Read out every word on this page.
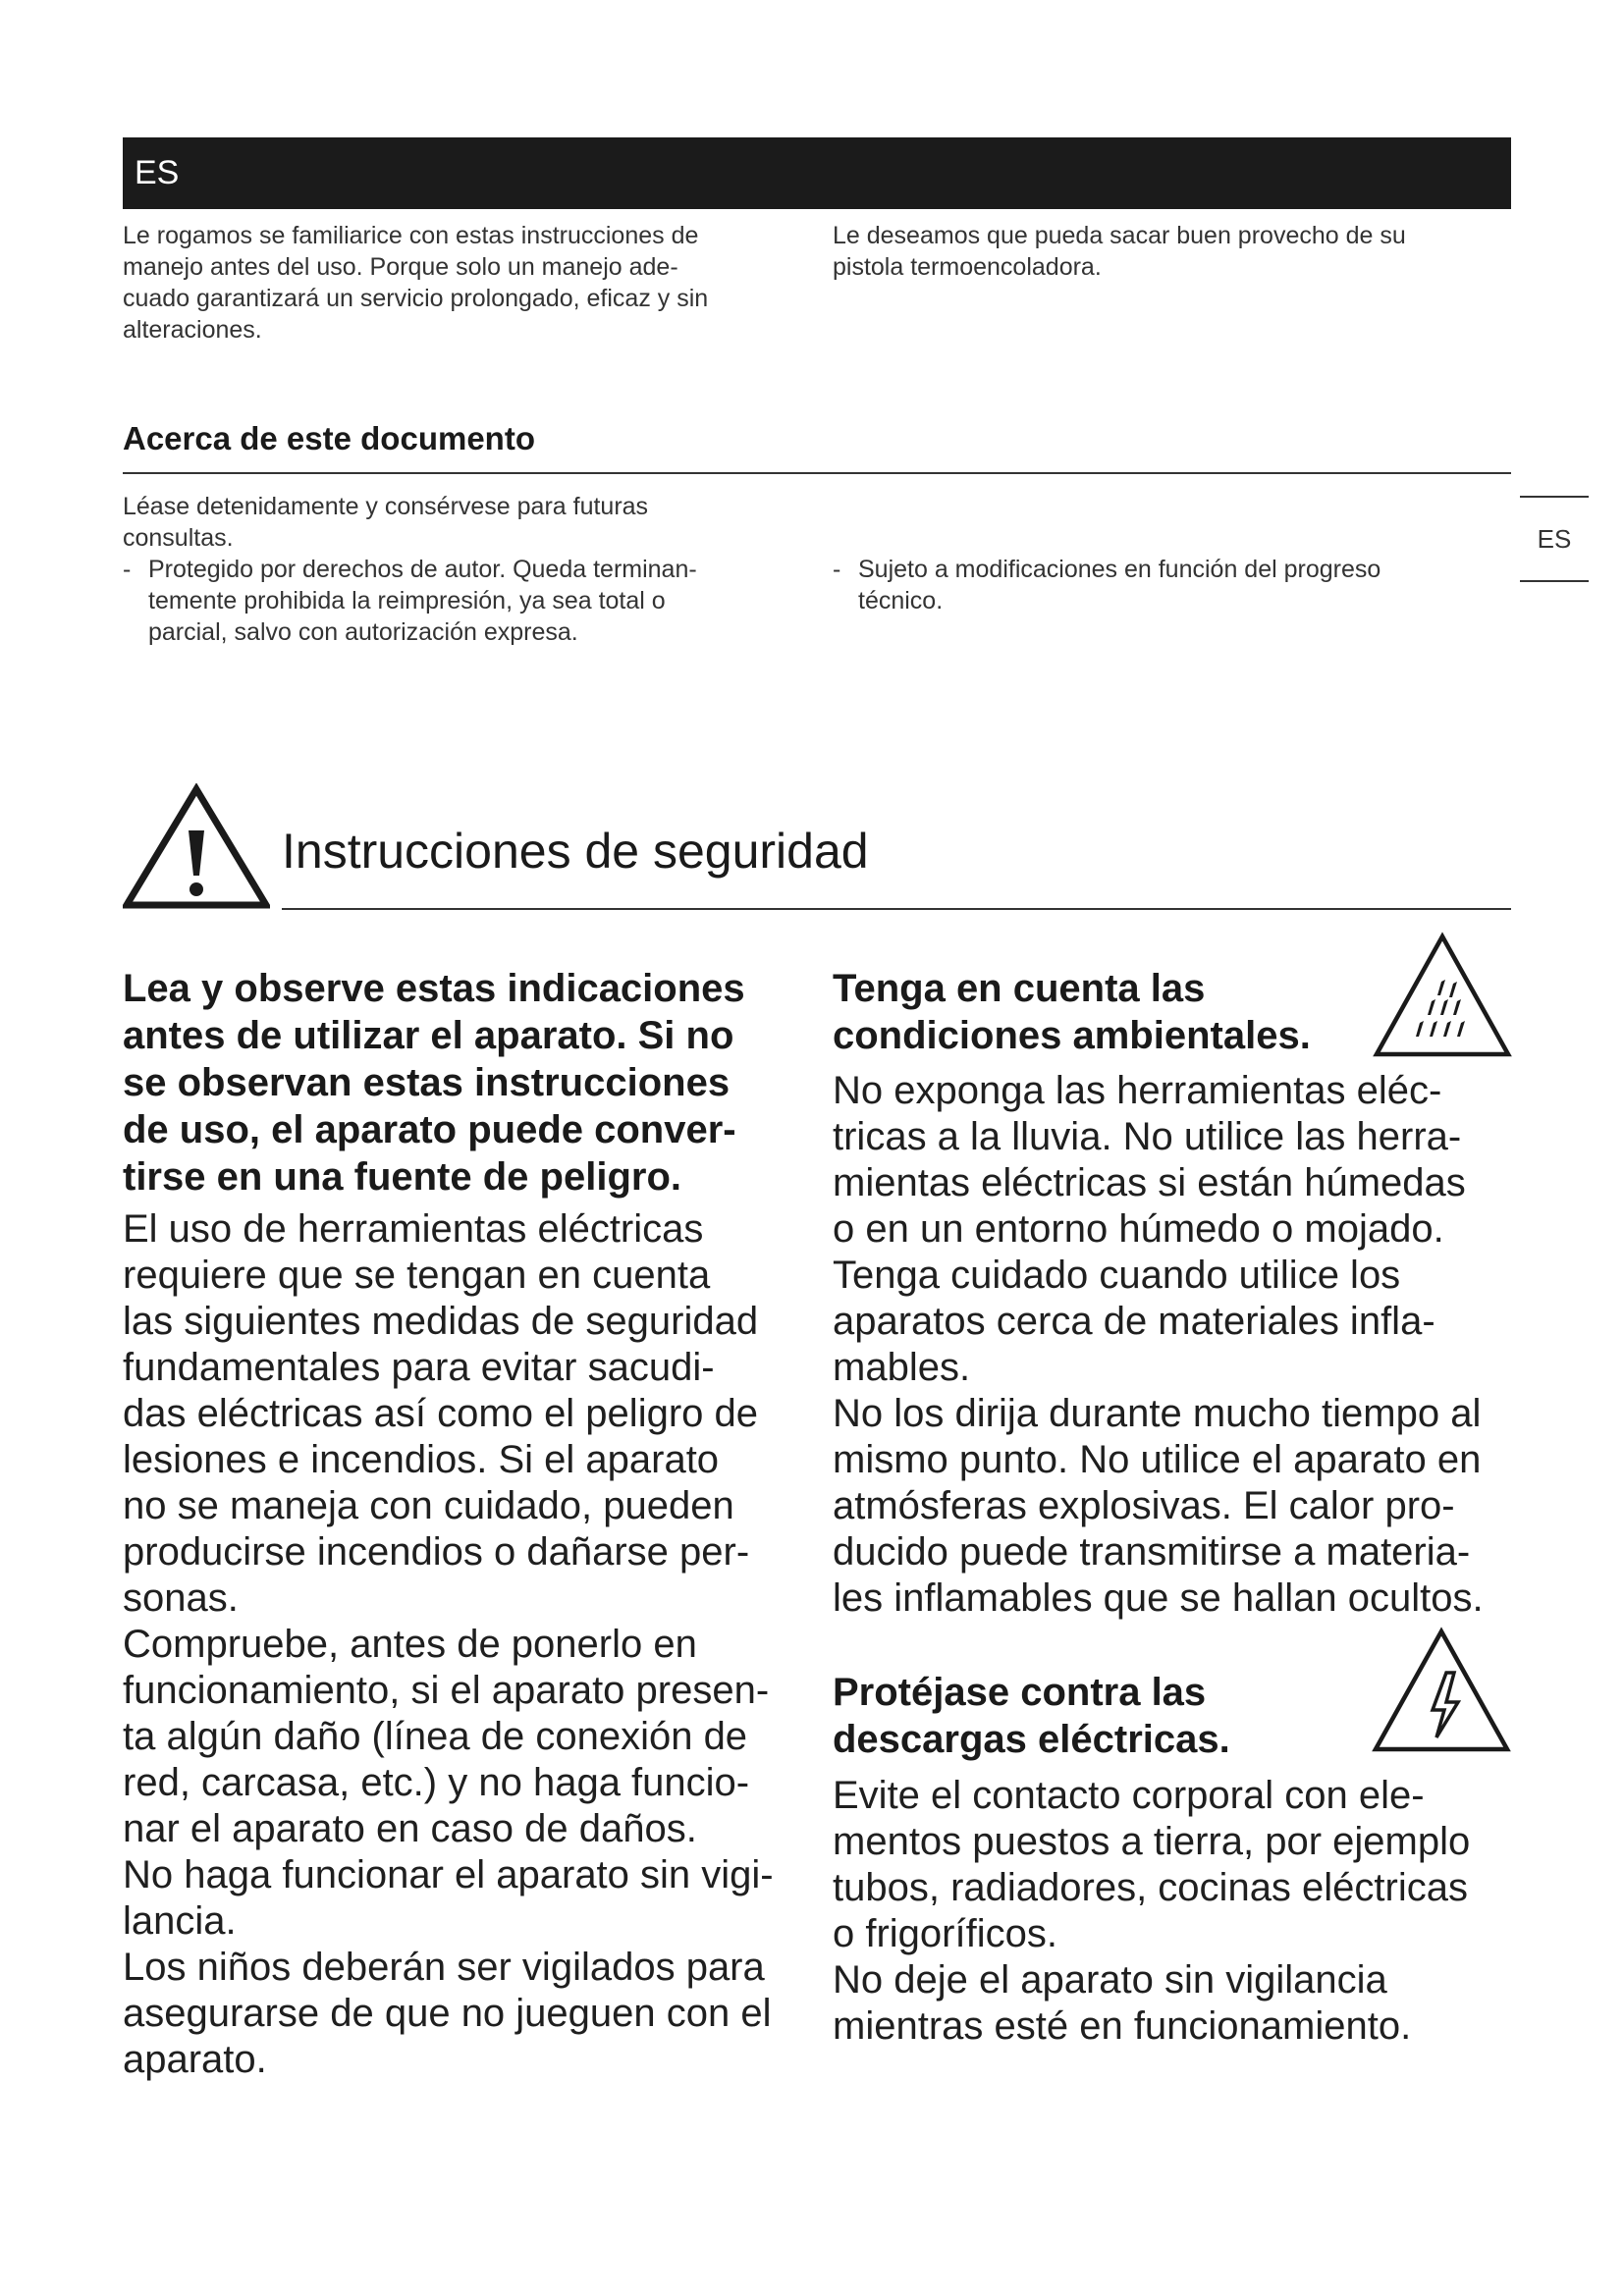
ES

Le rogamos se familiarice con estas instrucciones de

manejo antes del uso. Porque solo un manejo ade-

cuado garantizará un servicio prolongado, eficaz y sin

alteraciones.

Le deseamos que pueda sacar buen provecho de su

pistola termoencoladora.

Acerca de este documento

Léase detenidamente y consérvese para futuras

consultas.

- Protegido por derechos de autor. Queda terminan-

temente prohibida la reimpresión, ya sea total o

parcial, salvo con autorización expresa.

- Sujeto a modificaciones en función del progreso

técnico.

ES
Instrucciones de seguridad
Lea y observe estas indicaciones
antes de utilizar el aparato. Si no
se observan estas instrucciones
de uso, el aparato puede conver-
tirse en una fuente de peligro.

El uso de herramientas eléctricas

requiere que se tengan en cuenta

las siguientes medidas de seguridad

fundamentales para evitar sacudi-

das eléctricas así como el peligro de

lesiones e incendios. Si el aparato

no se maneja con cuidado, pueden

producirse incendios o dañarse per-

sonas.

Compruebe, antes de ponerlo en

funcionamiento, si el aparato presen-

ta algún daño (línea de conexión de

red, carcasa, etc.) y no haga funcio-

nar el aparato en caso de daños.

No haga funcionar el aparato sin vigi-

lancia.

Los niños deberán ser vigilados para

asegurarse de que no jueguen con el

aparato.

Tenga en cuenta las
condiciones ambientales.

No exponga las herramientas eléc-

tricas a la lluvia. No utilice las herra-

mientas eléctricas si están húmedas

o en un entorno húmedo o mojado.

Tenga cuidado cuando utilice los

aparatos cerca de materiales infla-

mables.

No los dirija durante mucho tiempo al

mismo punto. No utilice el aparato en

atmósferas explosivas. El calor pro-

ducido puede transmitirse a materia-

les inflamables que se hallan ocultos.

Protéjase contra las
descargas eléctricas.

Evite el contacto corporal con ele-

mentos puestos a tierra, por ejemplo

tubos, radiadores, cocinas eléctricas

o frigoríficos.

No deje el aparato sin vigilancia

mientras esté en funcionamiento.
